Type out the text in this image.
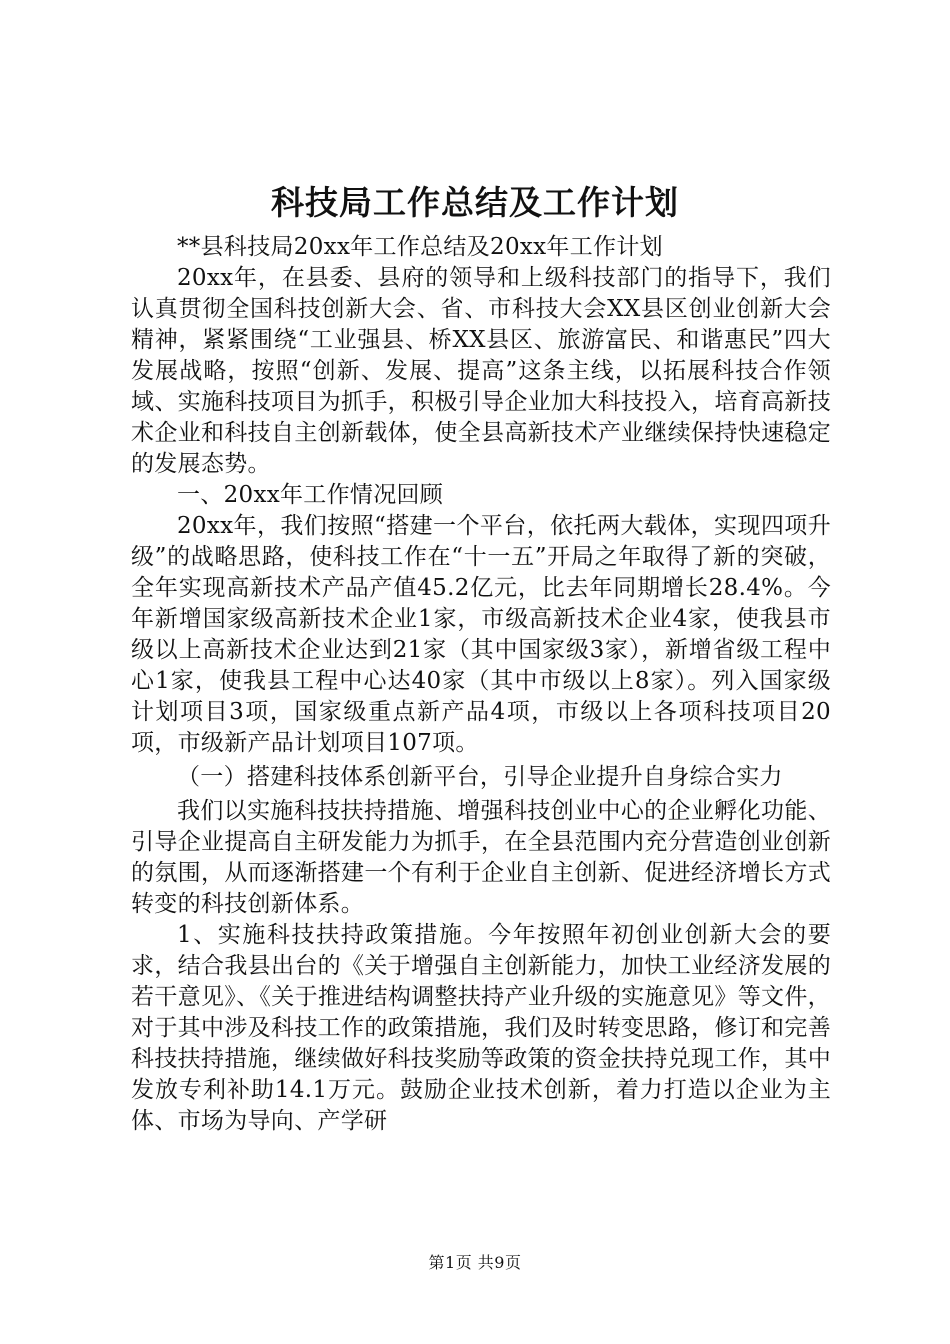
科技局工作总结及工作计划

**县科技局20xx年工作总结及20xx年工作计划

20xx年，在县委、县府的领导和上级科技部门的指导下，我们认真贯彻全国科技创新大会、省、市科技大会XX县区创业创新大会精神，紧紧围绕“工业强县、桥XX县区、旅游富民、和谐惠民”四大发展战略，按照“创新、发展、提高”这条主线，以拓展科技合作领域、实施科技项目为抓手，积极引导企业加大科技投入，培育高新技术企业和科技自主创新载体，使全县高新技术产业继续保持快速稳定的发展态势。

一、20xx年工作情况回顾

20xx年，我们按照“搭建一个平台，依托两大载体，实现四项升级”的战略思路，使科技工作在“十一五”开局之年取得了新的突破，全年实现高新技术产品产值45.2亿元，比去年同期增长28.4%。今年新增国家级高新技术企业1家，市级高新技术企业4家，使我县市级以上高新技术企业达到21家（其中国家级3家），新增省级工程中心1家，使我县工程中心达40家（其中市级以上8家）。列入国家级计划项目3项，国家级重点新产品4项，市级以上各项科技项目20项，市级新产品计划项目107项。

（一）搭建科技体系创新平台，引导企业提升自身综合实力

我们以实施科技扶持措施、增强科技创业中心的企业孵化功能、引导企业提高自主研发能力为抓手，在全县范围内充分营造创业创新的氛围，从而逐渐搭建一个有利于企业自主创新、促进经济增长方式转变的科技创新体系。

1、实施科技扶持政策措施。今年按照年初创业创新大会的要求，结合我县出台的《关于增强自主创新能力，加快工业经济发展的若干意见》、《关于推进结构调整扶持产业升级的实施意见》等文件，对于其中涉及科技工作的政策措施，我们及时转变思路，修订和完善科技扶持措施，继续做好科技奖励等政策的资金扶持兑现工作，其中发放专利补助14.1万元。鼓励企业技术创新，着力打造以企业为主体、市场为导向、产学研

第1页 共9页
